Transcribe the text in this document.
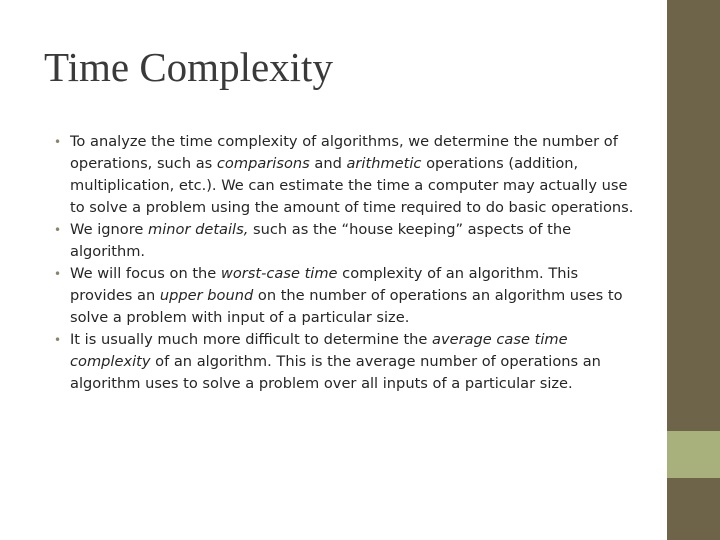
Time Complexity
• To analyze the time complexity of algorithms, we determine the number of operations, such as comparisons and arithmetic operations (addition, multiplication, etc.). We can estimate the time a computer may actually use to solve a problem using the amount of time required to do basic operations.
• We ignore minor details, such as the “house keeping” aspects of the algorithm.
• We will focus on the worst-case time complexity of an algorithm. This provides an upper bound on the number of operations an algorithm uses to solve a problem with input of a particular size.
• It is usually much more difficult to determine the average case time complexity of an algorithm. This is the average number of operations an algorithm uses to solve a problem over all inputs of a particular size.
